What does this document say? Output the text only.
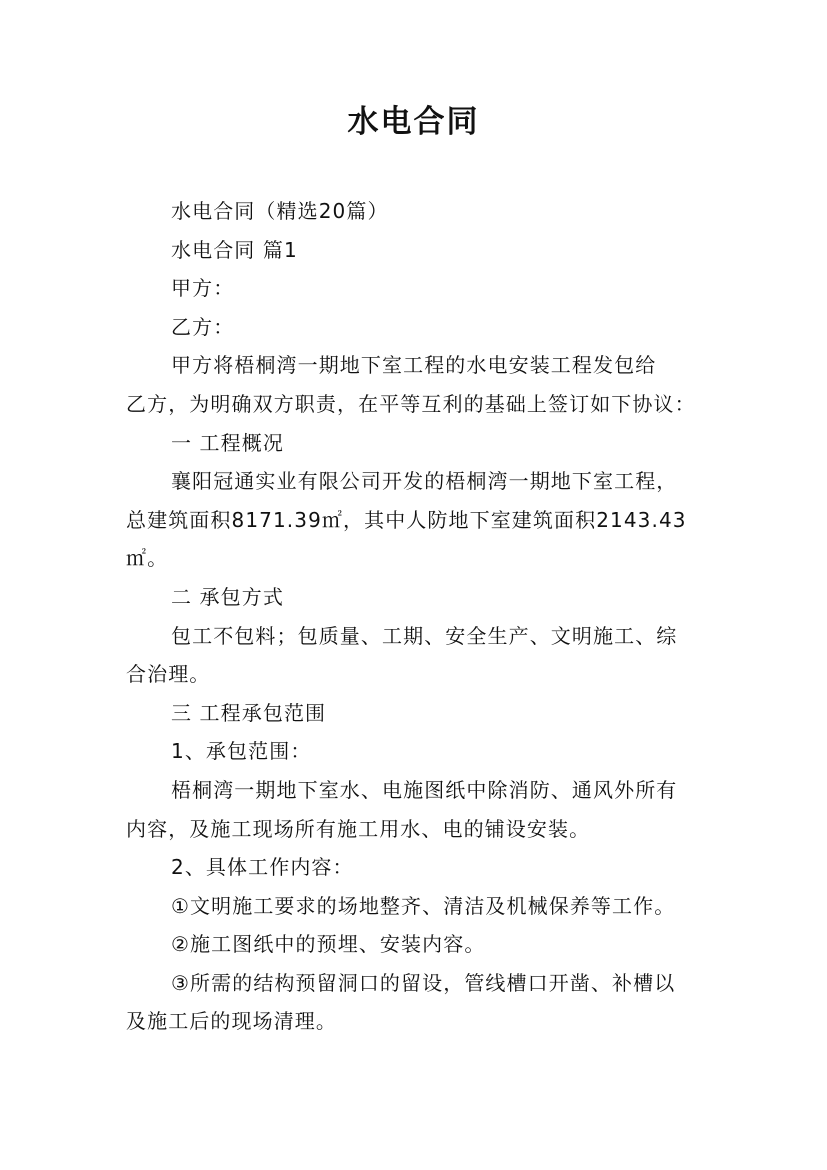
水电合同

水电合同（精选20篇）

水电合同 篇1

甲方：

乙方：

甲方将梧桐湾一期地下室工程的水电安装工程发包给

乙方，为明确双方职责，在平等互利的基础上签订如下协议：

一 工程概况

襄阳冠通实业有限公司开发的梧桐湾一期地下室工程，

总建筑面积8171.39㎡，其中人防地下室建筑面积2143.43

㎡。

二 承包方式

包工不包料；包质量、工期、安全生产、文明施工、综

合治理。

三 工程承包范围

1、承包范围：

梧桐湾一期地下室水、电施图纸中除消防、通风外所有

内容，及施工现场所有施工用水、电的铺设安装。

2、具体工作内容：

①文明施工要求的场地整齐、清洁及机械保养等工作。

②施工图纸中的预埋、安装内容。

③所需的结构预留洞口的留设，管线槽口开凿、补槽以

及施工后的现场清理。
